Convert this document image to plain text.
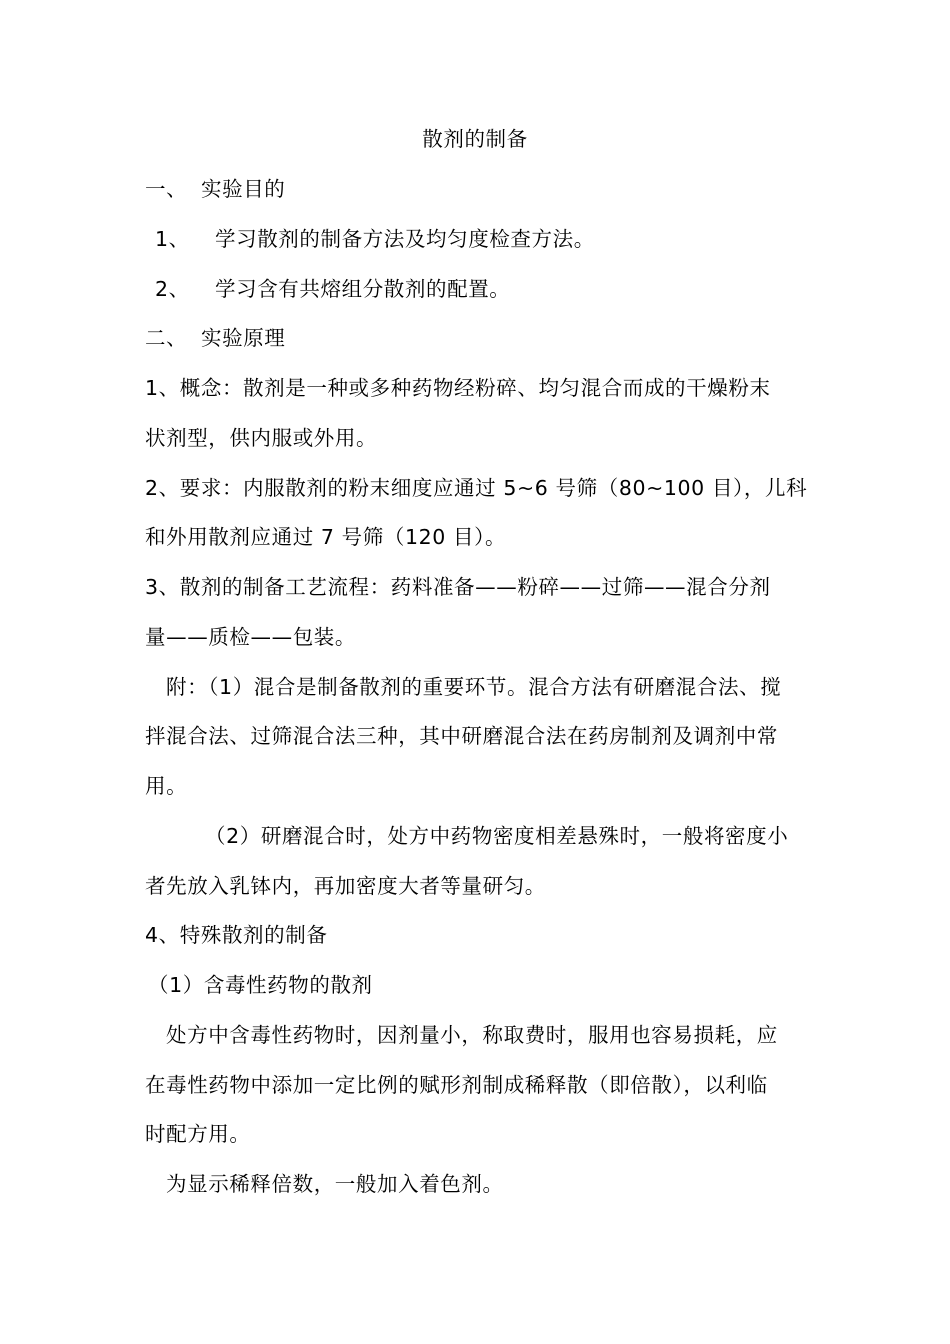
散剂的制备
一、 实验目的
1、 学习散剂的制备方法及均匀度检查方法。
2、 学习含有共熔组分散剂的配置。
二、 实验原理
1、概念：散剂是一种或多种药物经粉碎、均匀混合而成的干燥粉末
状剂型，供内服或外用。
2、要求：内服散剂的粉末细度应通过 5~6 号筛（80~100 目），儿科
和外用散剂应通过 7 号筛（120 目）。
3、散剂的制备工艺流程：药料准备——粉碎——过筛——混合分剂
量——质检——包装。
附：（1）混合是制备散剂的重要环节。混合方法有研磨混合法、搅
拌混合法、过筛混合法三种，其中研磨混合法在药房制剂及调剂中常
用。
（2）研磨混合时，处方中药物密度相差悬殊时，一般将密度小
者先放入乳钵内，再加密度大者等量研匀。
4、特殊散剂的制备
（1）含毒性药物的散剂
处方中含毒性药物时，因剂量小，称取费时，服用也容易损耗，应
在毒性药物中添加一定比例的赋形剂制成稀释散（即倍散），以利临
时配方用。
为显示稀释倍数，一般加入着色剂。
